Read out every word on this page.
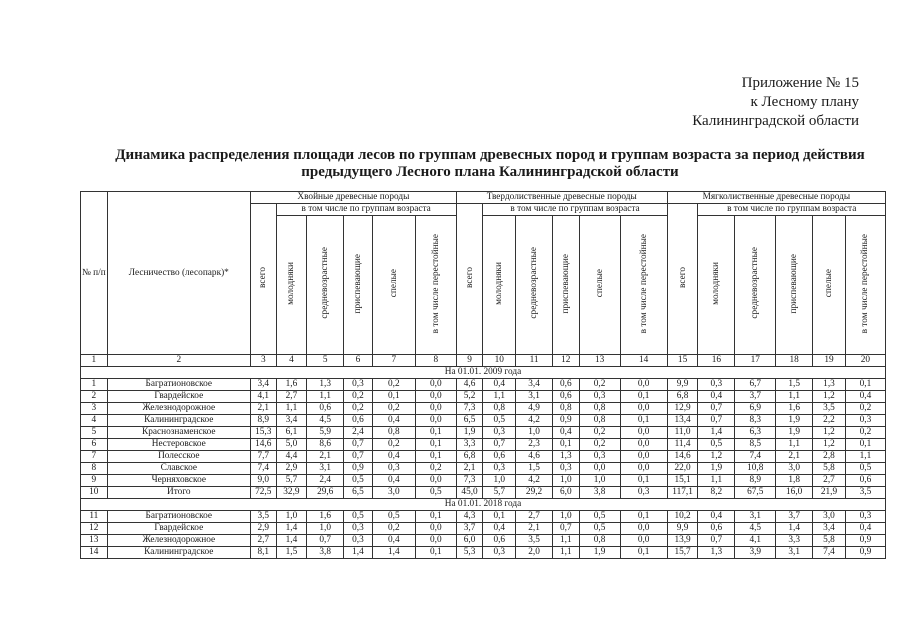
Приложение № 15
к Лесному плану
Калининградской области
Динамика распределения площади лесов по группам древесных пород и группам возраста за период действия
предыдущего Лесного плана Калининградской области
№ п/п	Лесничество (лесопарк)*	Хвойные древесные породы						Твердолиственные древесные породы						Мягколиственные древесные породы					
		всего	в том числе по группам возраста					всего	в том числе по группам возраста					всего	в том числе по группам возраста				
			молодняки	средневозрастные	приспевающие	спелые	в том числе перестойные		молодняки	средневозрастные	приспевающие	спелые	в том числе перестойные		молодняки	средневозрастные	приспевающие	спелые	в том числе перестойные
1	2	3	4	5	6	7	8	9	10	11	12	13	14	15	16	17	18	19	20
На 01.01. 2009 года																			
1	Багратионовское	3,4	1,6	1,3	0,3	0,2	0,0	4,6	0,4	3,4	0,6	0,2	0,0	9,9	0,3	6,7	1,5	1,3	0,1
2	Гвардейское	4,1	2,7	1,1	0,2	0,1	0,0	5,2	1,1	3,1	0,6	0,3	0,1	6,8	0,4	3,7	1,1	1,2	0,4
3	Железнодорожное	2,1	1,1	0,6	0,2	0,2	0,0	7,3	0,8	4,9	0,8	0,8	0,0	12,9	0,7	6,9	1,6	3,5	0,2
4	Калининградское	8,9	3,4	4,5	0,6	0,4	0,0	6,5	0,5	4,2	0,9	0,8	0,1	13,4	0,7	8,3	1,9	2,2	0,3
5	Краснознаменское	15,3	6,1	5,9	2,4	0,8	0,1	1,9	0,3	1,0	0,4	0,2	0,0	11,0	1,4	6,3	1,9	1,2	0,2
6	Нестеровское	14,6	5,0	8,6	0,7	0,2	0,1	3,3	0,7	2,3	0,1	0,2	0,0	11,4	0,5	8,5	1,1	1,2	0,1
7	Полесское	7,7	4,4	2,1	0,7	0,4	0,1	6,8	0,6	4,6	1,3	0,3	0,0	14,6	1,2	7,4	2,1	2,8	1,1
8	Славское	7,4	2,9	3,1	0,9	0,3	0,2	2,1	0,3	1,5	0,3	0,0	0,0	22,0	1,9	10,8	3,0	5,8	0,5
9	Черняховское	9,0	5,7	2,4	0,5	0,4	0,0	7,3	1,0	4,2	1,0	1,0	0,1	15,1	1,1	8,9	1,8	2,7	0,6
10	Итого	72,5	32,9	29,6	6,5	3,0	0,5	45,0	5,7	29,2	6,0	3,8	0,3	117,1	8,2	67,5	16,0	21,9	3,5
На 01.01. 2018 года																			
11	Багратионовское	3,5	1,0	1,6	0,5	0,5	0,1	4,3	0,1	2,7	1,0	0,5	0,1	10,2	0,4	3,1	3,7	3,0	0,3
12	Гвардейское	2,9	1,4	1,0	0,3	0,2	0,0	3,7	0,4	2,1	0,7	0,5	0,0	9,9	0,6	4,5	1,4	3,4	0,4
13	Железнодорожное	2,7	1,4	0,7	0,3	0,4	0,0	6,0	0,6	3,5	1,1	0,8	0,0	13,9	0,7	4,1	3,3	5,8	0,9
14	Калининградское	8,1	1,5	3,8	1,4	1,4	0,1	5,3	0,3	2,0	1,1	1,9	0,1	15,7	1,3	3,9	3,1	7,4	0,9
